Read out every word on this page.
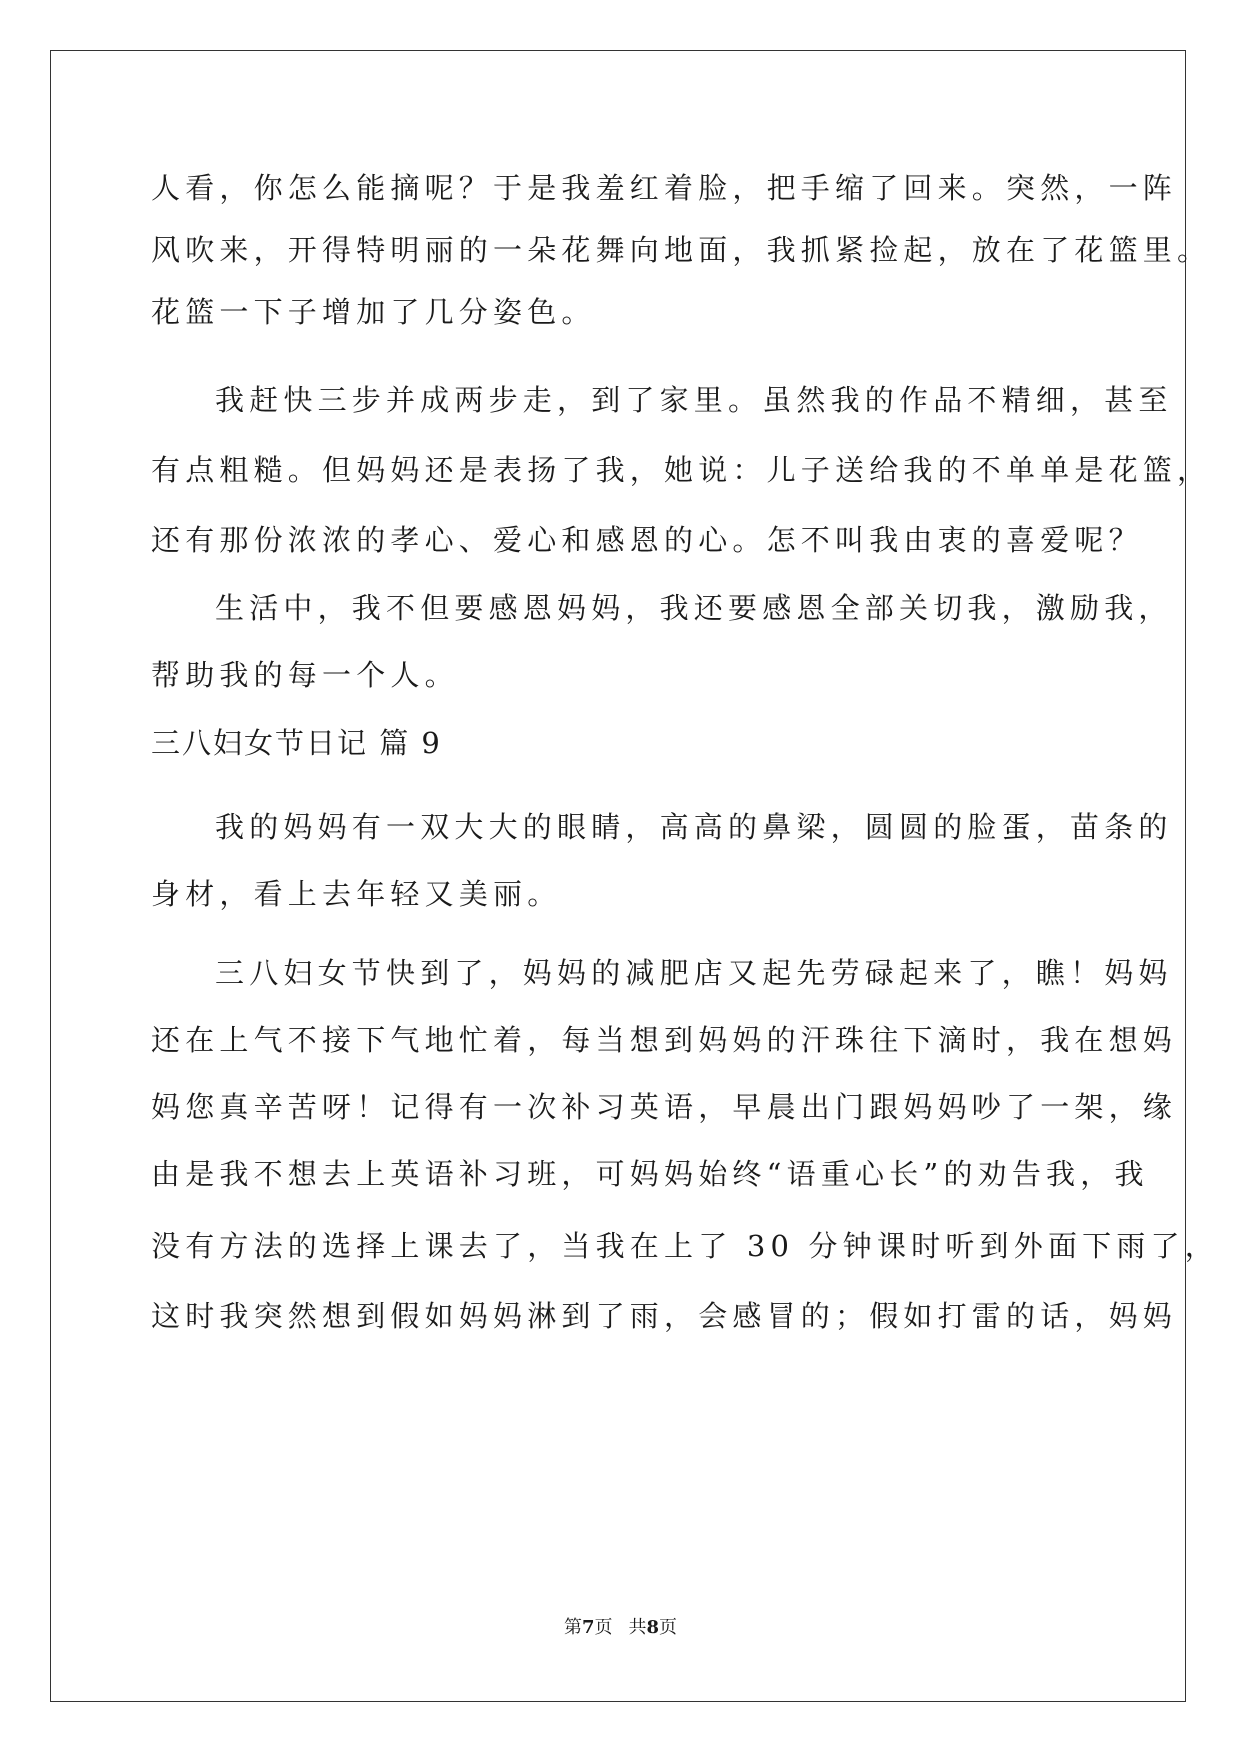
人看，你怎么能摘呢？于是我羞红着脸，把手缩了回来。突然，一阵
风吹来，开得特明丽的一朵花舞向地面，我抓紧捡起，放在了花篮里。
花篮一下子增加了几分姿色。
我赶快三步并成两步走，到了家里。虽然我的作品不精细，甚至
有点粗糙。但妈妈还是表扬了我，她说：儿子送给我的不单单是花篮，
还有那份浓浓的孝心、爱心和感恩的心。怎不叫我由衷的喜爱呢？
生活中，我不但要感恩妈妈，我还要感恩全部关切我，激励我，
帮助我的每一个人。
三八妇女节日记 篇 9
我的妈妈有一双大大的眼睛，高高的鼻梁，圆圆的脸蛋，苗条的
身材，看上去年轻又美丽。
三八妇女节快到了，妈妈的减肥店又起先劳碌起来了，瞧！妈妈
还在上气不接下气地忙着，每当想到妈妈的汗珠往下滴时，我在想妈
妈您真辛苦呀！记得有一次补习英语，早晨出门跟妈妈吵了一架，缘
由是我不想去上英语补习班，可妈妈始终“语重心长”的劝告我，我
没有方法的选择上课去了，当我在上了 30 分钟课时听到外面下雨了，
这时我突然想到假如妈妈淋到了雨，会感冒的；假如打雷的话，妈妈
第7页 共8页
